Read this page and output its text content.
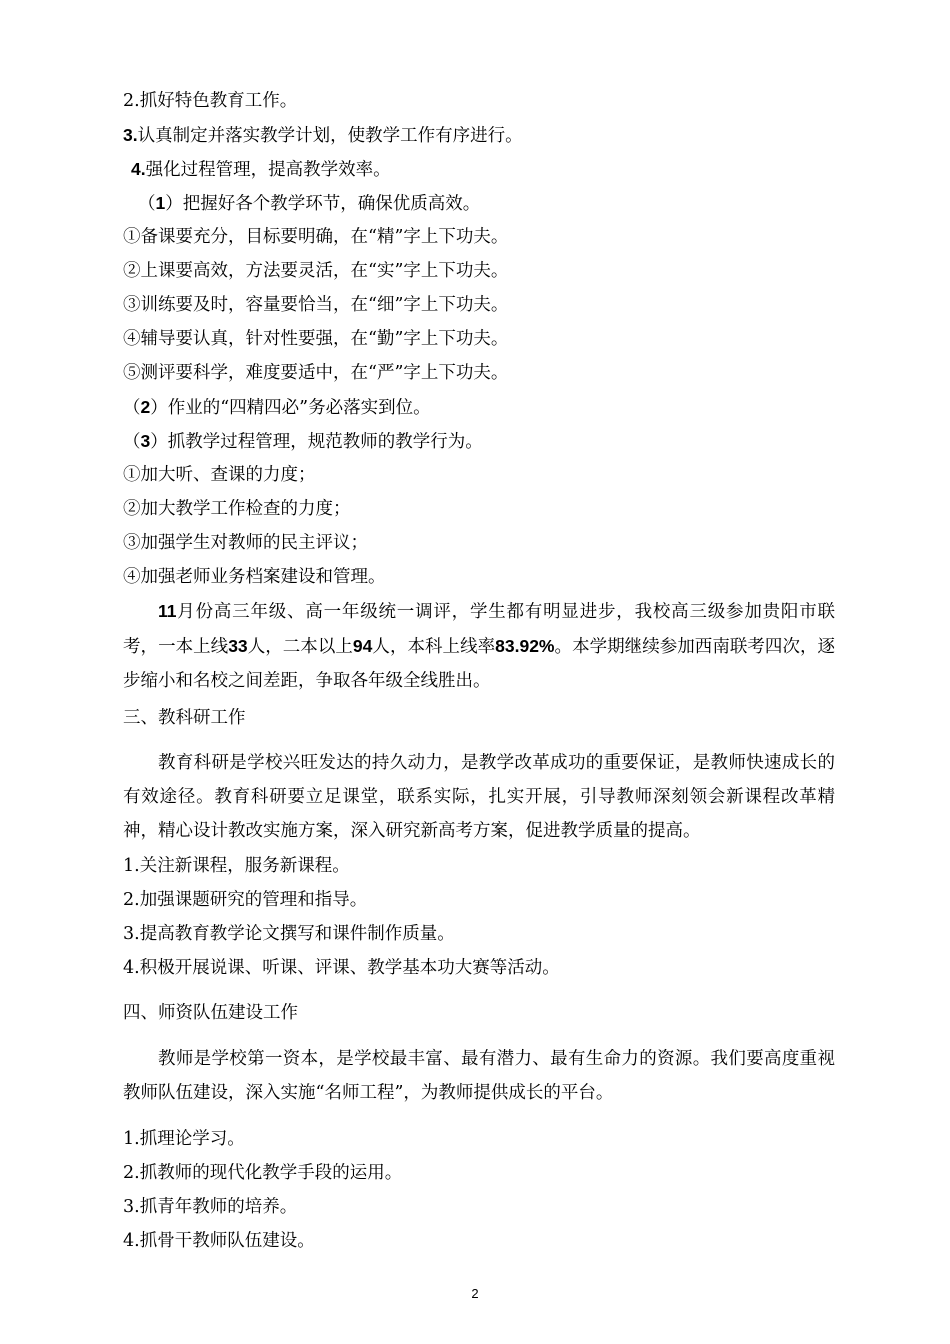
2.抓好特色教育工作。

3.认真制定并落实教学计划，使教学工作有序进行。

4.强化过程管理，提高教学效率。

（1）把握好各个教学环节，确保优质高效。

①备课要充分，目标要明确，在“精”字上下功夫。

②上课要高效，方法要灵活，在“实”字上下功夫。

③训练要及时，容量要恰当，在“细”字上下功夫。

④辅导要认真，针对性要强，在“勤”字上下功夫。

⑤测评要科学，难度要适中，在“严”字上下功夫。

（2）作业的“四精四必”务必落实到位。

（3）抓教学过程管理，规范教师的教学行为。

①加大听、查课的力度；

②加大教学工作检查的力度；

③加强学生对教师的民主评议；

④加强老师业务档案建设和管理。

11月份高三年级、高一年级统一调评，学生都有明显进步，我校高三级参加贵阳市联考，一本上线33人，二本以上94人，本科上线率83.92%。本学期继续参加西南联考四次，逐步缩小和名校之间差距，争取各年级全线胜出。

三、教科研工作

教育科研是学校兴旺发达的持久动力，是教学改革成功的重要保证，是教师快速成长的有效途径。教育科研要立足课堂，联系实际，扎实开展，引导教师深刻领会新课程改革精神，精心设计教改实施方案，深入研究新高考方案，促进教学质量的提高。

1.关注新课程，服务新课程。

2.加强课题研究的管理和指导。

3.提高教育教学论文撰写和课件制作质量。

4.积极开展说课、听课、评课、教学基本功大赛等活动。

四、师资队伍建设工作

教师是学校第一资本，是学校最丰富、最有潜力、最有生命力的资源。我们要高度重视教师队伍建设，深入实施“名师工程”，为教师提供成长的平台。

1.抓理论学习。

2.抓教师的现代化教学手段的运用。

3.抓青年教师的培养。

4.抓骨干教师队伍建设。

2
